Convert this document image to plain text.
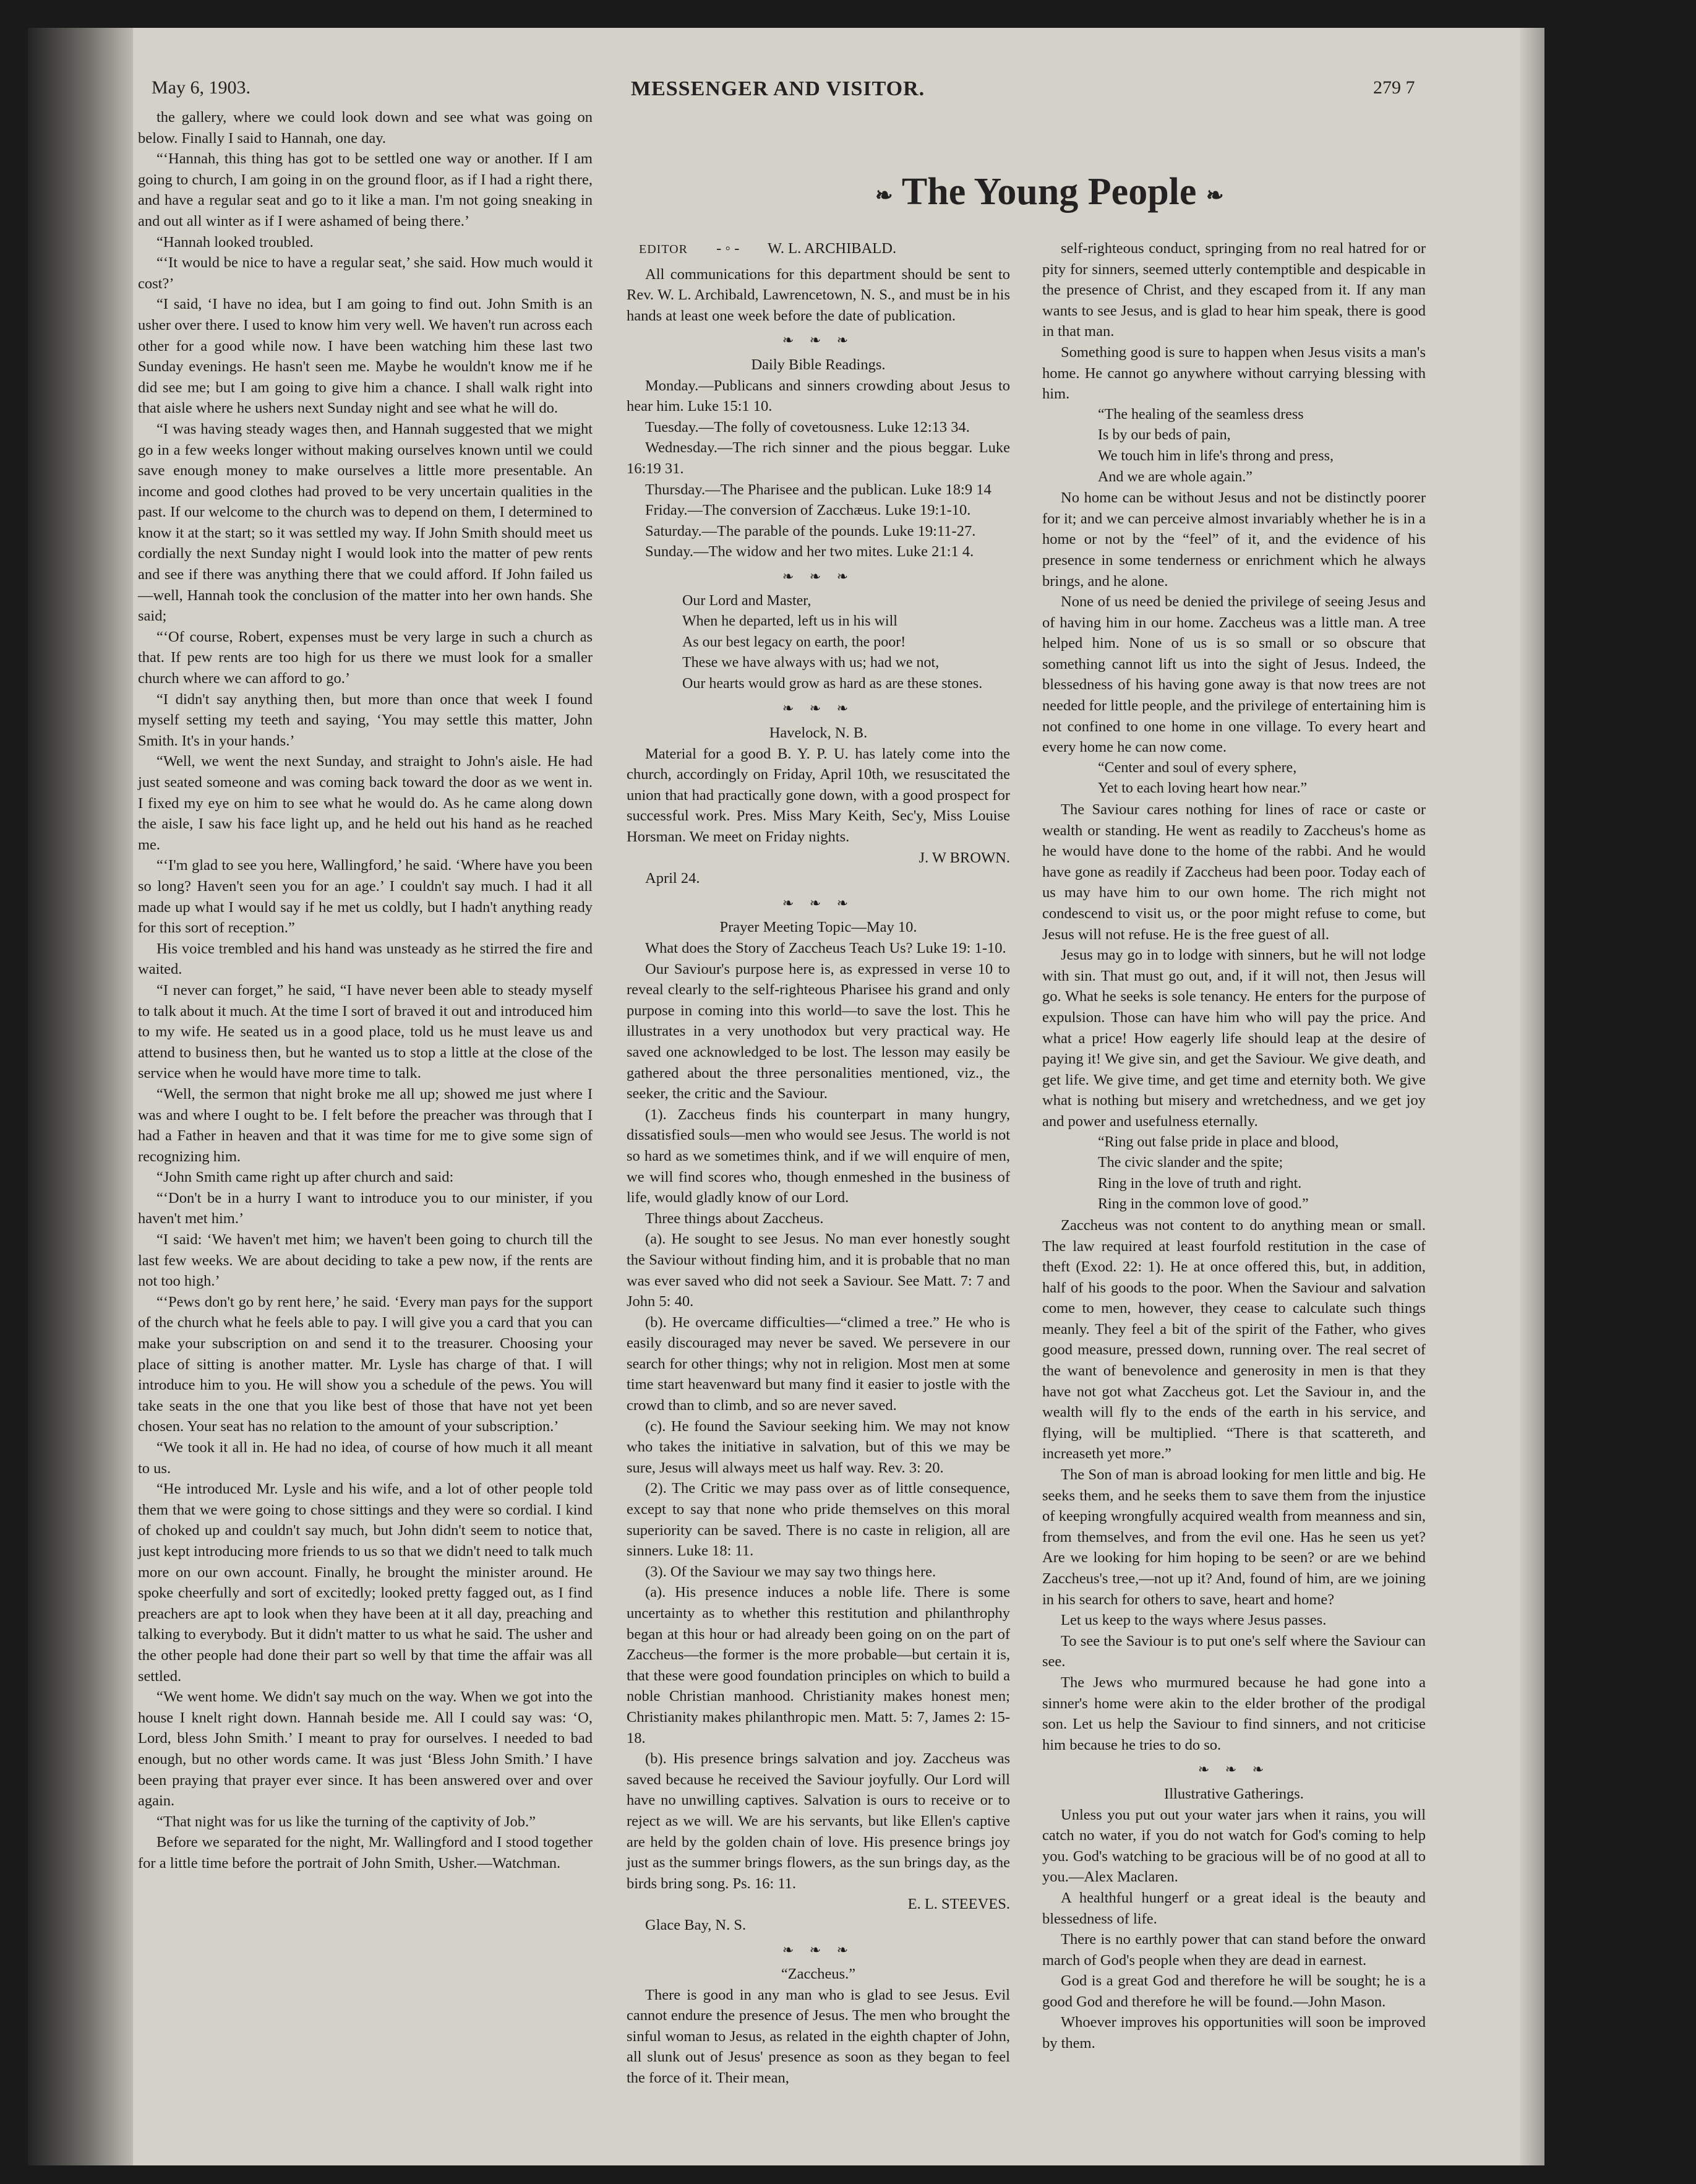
May 6, 1903.	MESSENGER AND VISITOR.	279 7
❧ The Young People ❧

the gallery, where we could look down and see what was going on below. Finally I said to Hannah, one day.

“‘Hannah, this thing has got to be settled one way or another. If I am going to church, I am going in on the ground floor, as if I had a right there, and have a regular seat and go to it like a man. I'm not going sneaking in and out all winter as if I were ashamed of being there.’

“Hannah looked troubled.

“‘It would be nice to have a regular seat,’ she said. How much would it cost?’

“I said, ‘I have no idea, but I am going to find out. John Smith is an usher over there. I used to know him very well. We haven't run across each other for a good while now. I have been watching him these last two Sunday evenings. He hasn't seen me. Maybe he wouldn't know me if he did see me; but I am going to give him a chance. I shall walk right into that aisle where he ushers next Sunday night and see what he will do.

“I was having steady wages then, and Hannah suggested that we might go in a few weeks longer without making ourselves known until we could save enough money to make ourselves a little more presentable. An income and good clothes had proved to be very uncertain qualities in the past. If our welcome to the church was to depend on them, I determined to know it at the start; so it was settled my way. If John Smith should meet us cordially the next Sunday night I would look into the matter of pew rents and see if there was anything there that we could afford. If John failed us—well, Hannah took the conclusion of the matter into her own hands. She said;

“‘Of course, Robert, expenses must be very large in such a church as that. If pew rents are too high for us there we must look for a smaller church where we can afford to go.’

“I didn't say anything then, but more than once that week I found myself setting my teeth and saying, ‘You may settle this matter, John Smith. It's in your hands.’

“Well, we went the next Sunday, and straight to John's aisle. He had just seated someone and was coming back toward the door as we went in. I fixed my eye on him to see what he would do. As he came along down the aisle, I saw his face light up, and he held out his hand as he reached me.

“‘I'm glad to see you here, Wallingford,’ he said. ‘Where have you been so long? Haven't seen you for an age.’ I couldn't say much. I had it all made up what I would say if he met us coldly, but I hadn't anything ready for this sort of reception.”

His voice trembled and his hand was unsteady as he stirred the fire and waited.

“I never can forget,” he said, “I have never been able to steady myself to talk about it much. At the time I sort of braved it out and introduced him to my wife. He seated us in a good place, told us he must leave us and attend to business then, but he wanted us to stop a little at the close of the service when he would have more time to talk.

“Well, the sermon that night broke me all up; showed me just where I was and where I ought to be. I felt before the preacher was through that I had a Father in heaven and that it was time for me to give some sign of recognizing him.

“John Smith came right up after church and said:

“‘Don't be in a hurry I want to introduce you to our minister, if you haven't met him.’

“I said: ‘We haven't met him; we haven't been going to church till the last few weeks. We are about deciding to take a pew now, if the rents are not too high.’

“‘Pews don't go by rent here,’ he said. ‘Every man pays for the support of the church what he feels able to pay. I will give you a card that you can make your subscription on and send it to the treasurer. Choosing your place of sitting is another matter. Mr. Lysle has charge of that. I will introduce him to you. He will show you a schedule of the pews. You will take seats in the one that you like best of those that have not yet been chosen. Your seat has no relation to the amount of your subscription.’

“We took it all in. He had no idea, of course of how much it all meant to us.

“He introduced Mr. Lysle and his wife, and a lot of other people told them that we were going to chose sittings and they were so cordial. I kind of choked up and couldn't say much, but John didn't seem to notice that, just kept introducing more friends to us so that we didn't need to talk much more on our own account. Finally, he brought the minister around. He spoke cheerfully and sort of excitedly; looked pretty fagged out, as I find preachers are apt to look when they have been at it all day, preaching and talking to everybody. But it didn't matter to us what he said. The usher and the other people had done their part so well by that time the affair was all settled.

“We went home. We didn't say much on the way. When we got into the house I knelt right down. Hannah beside me. All I could say was: ‘O, Lord, bless John Smith.’ I meant to pray for ourselves. I needed to bad enough, but no other words came. It was just ‘Bless John Smith.’ I have been praying that prayer ever since. It has been answered over and over again.

“That night was for us like the turning of the captivity of Job.”

Before we separated for the night, Mr. Wallingford and I stood together for a little time before the portrait of John Smith, Usher.—Watchman.

EDITOR - ◦ - W. L. ARCHIBALD.

All communications for this department should be sent to Rev. W. L. Archibald, Lawrencetown, N. S., and must be in his hands at least one week before the date of publication.

❧ ❧ ❧

Daily Bible Readings.

Monday.—Publicans and sinners crowding about Jesus to hear him. Luke 15:1 10.

Tuesday.—The folly of covetousness. Luke 12:13 34.

Wednesday.—The rich sinner and the pious beggar. Luke 16:19 31.

Thursday.—The Pharisee and the publican. Luke 18:9 14

Friday.—The conversion of Zacchæus. Luke 19:1-10.

Saturday.—The parable of the pounds. Luke 19:11-27.

Sunday.—The widow and her two mites. Luke 21:1 4.

❧ ❧ ❧

Our Lord and Master,

When he departed, left us in his will

As our best legacy on earth, the poor!

These we have always with us; had we not,

Our hearts would grow as hard as are these stones.

❧ ❧ ❧

Havelock, N. B.

Material for a good B. Y. P. U. has lately come into the church, accordingly on Friday, April 10th, we resuscitated the union that had practically gone down, with a good prospect for successful work. Pres. Miss Mary Keith, Sec'y, Miss Louise Horsman. We meet on Friday nights.

J. W BROWN.

April 24.

❧ ❧ ❧

Prayer Meeting Topic—May 10.

What does the Story of Zaccheus Teach Us? Luke 19: 1-10.

Our Saviour's purpose here is, as expressed in verse 10 to reveal clearly to the self-righteous Pharisee his grand and only purpose in coming into this world—to save the lost. This he illustrates in a very unothodox but very practical way. He saved one acknowledged to be lost. The lesson may easily be gathered about the three personalities mentioned, viz., the seeker, the critic and the Saviour.

(1). Zaccheus finds his counterpart in many hungry, dissatisfied souls—men who would see Jesus. The world is not so hard as we sometimes think, and if we will enquire of men, we will find scores who, though enmeshed in the business of life, would gladly know of our Lord.

Three things about Zaccheus.

(a). He sought to see Jesus. No man ever honestly sought the Saviour without finding him, and it is probable that no man was ever saved who did not seek a Saviour. See Matt. 7: 7 and John 5: 40.

(b). He overcame difficulties—“climed a tree.” He who is easily discouraged may never be saved. We persevere in our search for other things; why not in religion. Most men at some time start heavenward but many find it easier to jostle with the crowd than to climb, and so are never saved.

(c). He found the Saviour seeking him. We may not know who takes the initiative in salvation, but of this we may be sure, Jesus will always meet us half way. Rev. 3: 20.

(2). The Critic we may pass over as of little consequence, except to say that none who pride themselves on this moral superiority can be saved. There is no caste in religion, all are sinners. Luke 18: 11.

(3). Of the Saviour we may say two things here.

(a). His presence induces a noble life. There is some uncertainty as to whether this restitution and philanthrophy began at this hour or had already been going on on the part of Zaccheus—the former is the more probable—but certain it is, that these were good foundation principles on which to build a noble Christian manhood. Christianity makes honest men; Christianity makes philanthropic men. Matt. 5: 7, James 2: 15-18.

(b). His presence brings salvation and joy. Zaccheus was saved because he received the Saviour joyfully. Our Lord will have no unwilling captives. Salvation is ours to receive or to reject as we will. We are his servants, but like Ellen's captive are held by the golden chain of love. His presence brings joy just as the summer brings flowers, as the sun brings day, as the birds bring song. Ps. 16: 11.

E. L. STEEVES.

Glace Bay, N. S.

❧ ❧ ❧

“Zaccheus.”

There is good in any man who is glad to see Jesus. Evil cannot endure the presence of Jesus. The men who brought the sinful woman to Jesus, as related in the eighth chapter of John, all slunk out of Jesus' presence as soon as they began to feel the force of it. Their mean,

self-righteous conduct, springing from no real hatred for or pity for sinners, seemed utterly contemptible and despicable in the presence of Christ, and they escaped from it. If any man wants to see Jesus, and is glad to hear him speak, there is good in that man.

Something good is sure to happen when Jesus visits a man's home. He cannot go anywhere without carrying blessing with him.

“The healing of the seamless dress

Is by our beds of pain,

We touch him in life's throng and press,

And we are whole again.”

No home can be without Jesus and not be distinctly poorer for it; and we can perceive almost invariably whether he is in a home or not by the “feel” of it, and the evidence of his presence in some tenderness or enrichment which he always brings, and he alone.

None of us need be denied the privilege of seeing Jesus and of having him in our home. Zaccheus was a little man. A tree helped him. None of us is so small or so obscure that something cannot lift us into the sight of Jesus. Indeed, the blessedness of his having gone away is that now trees are not needed for little people, and the privilege of entertaining him is not confined to one home in one village. To every heart and every home he can now come.

“Center and soul of every sphere,

Yet to each loving heart how near.”

The Saviour cares nothing for lines of race or caste or wealth or standing. He went as readily to Zaccheus's home as he would have done to the home of the rabbi. And he would have gone as readily if Zaccheus had been poor. Today each of us may have him to our own home. The rich might not condescend to visit us, or the poor might refuse to come, but Jesus will not refuse. He is the free guest of all.

Jesus may go in to lodge with sinners, but he will not lodge with sin. That must go out, and, if it will not, then Jesus will go. What he seeks is sole tenancy. He enters for the purpose of expulsion. Those can have him who will pay the price. And what a price! How eagerly life should leap at the desire of paying it! We give sin, and get the Saviour. We give death, and get life. We give time, and get time and eternity both. We give what is nothing but misery and wretchedness, and we get joy and power and usefulness eternally.

“Ring out false pride in place and blood,

The civic slander and the spite;

Ring in the love of truth and right.

Ring in the common love of good.”

Zaccheus was not content to do anything mean or small. The law required at least fourfold restitution in the case of theft (Exod. 22: 1). He at once offered this, but, in addition, half of his goods to the poor. When the Saviour and salvation come to men, however, they cease to calculate such things meanly. They feel a bit of the spirit of the Father, who gives good measure, pressed down, running over. The real secret of the want of benevolence and generosity in men is that they have not got what Zaccheus got. Let the Saviour in, and the wealth will fly to the ends of the earth in his service, and flying, will be multiplied. “There is that scattereth, and increaseth yet more.”

The Son of man is abroad looking for men little and big. He seeks them, and he seeks them to save them from the injustice of keeping wrongfully acquired wealth from meanness and sin, from themselves, and from the evil one. Has he seen us yet? Are we looking for him hoping to be seen? or are we behind Zaccheus's tree,—not up it? And, found of him, are we joining in his search for others to save, heart and home?

Let us keep to the ways where Jesus passes.

To see the Saviour is to put one's self where the Saviour can see.

The Jews who murmured because he had gone into a sinner's home were akin to the elder brother of the prodigal son. Let us help the Saviour to find sinners, and not criticise him because he tries to do so.

❧ ❧ ❧

Illustrative Gatherings.

Unless you put out your water jars when it rains, you will catch no water, if you do not watch for God's coming to help you. God's watching to be gracious will be of no good at all to you.—Alex Maclaren.

A healthful hungerf or a great ideal is the beauty and blessedness of life.

There is no earthly power that can stand before the onward march of God's people when they are dead in earnest.

God is a great God and therefore he will be sought; he is a good God and therefore he will be found.—John Mason.

Whoever improves his opportunities will soon be improved by them.
